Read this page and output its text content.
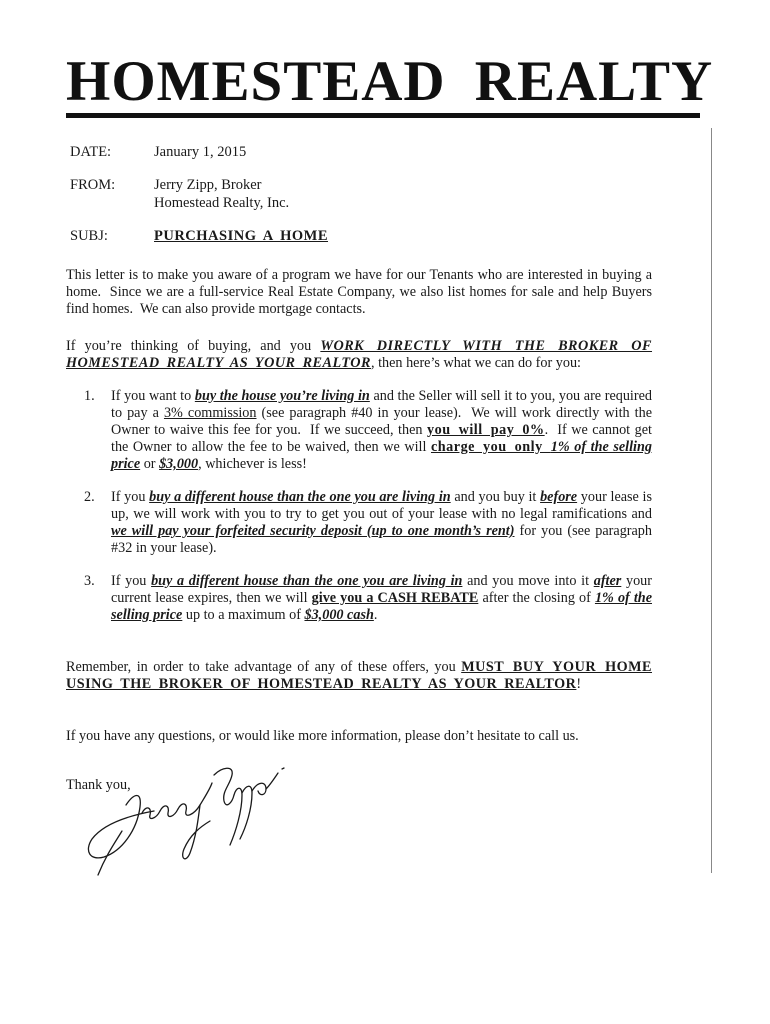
HOMESTEAD REALTY
DATE:	January 1, 2015
FROM:	Jerry Zipp, Broker
Homestead Realty, Inc.
SUBJ:	PURCHASING A HOME

This letter is to make you aware of a program we have for our Tenants who are interested in buying a home.  Since we are a full-service Real Estate Company, we also list homes for sale and help Buyers find homes.  We can also provide mortgage contacts.

If you’re thinking of buying, and you WORK DIRECTLY WITH THE BROKER OF HOMESTEAD REALTY AS YOUR REALTOR, then here’s what we can do for you:

1.	If you want to buy the house you’re living in and the Seller will sell it to you, you are required to pay a 3% commission (see paragraph #40 in your lease).  We will work directly with the Owner to waive this fee for you.  If we succeed, then you will pay 0%.  If we cannot get the Owner to allow the fee to be waived, then we will charge you only 1% of the selling price or $3,000, whichever is less!
2.	If you buy a different house than the one you are living in and you buy it before your lease is up, we will work with you to try to get you out of your lease with no legal ramifications and we will pay your forfeited security deposit (up to one month’s rent) for you (see paragraph #32 in your lease).
3.	If you buy a different house than the one you are living in and you move into it after your current lease expires, then we will give you a CASH REBATE after the closing of 1% of the selling price up to a maximum of $3,000 cash.

Remember, in order to take advantage of any of these offers, you MUST BUY YOUR HOME USING THE BROKER OF HOMESTEAD REALTY AS YOUR REALTOR!

If you have any questions, or would like more information, please don’t hesitate to call us.

Thank you,
